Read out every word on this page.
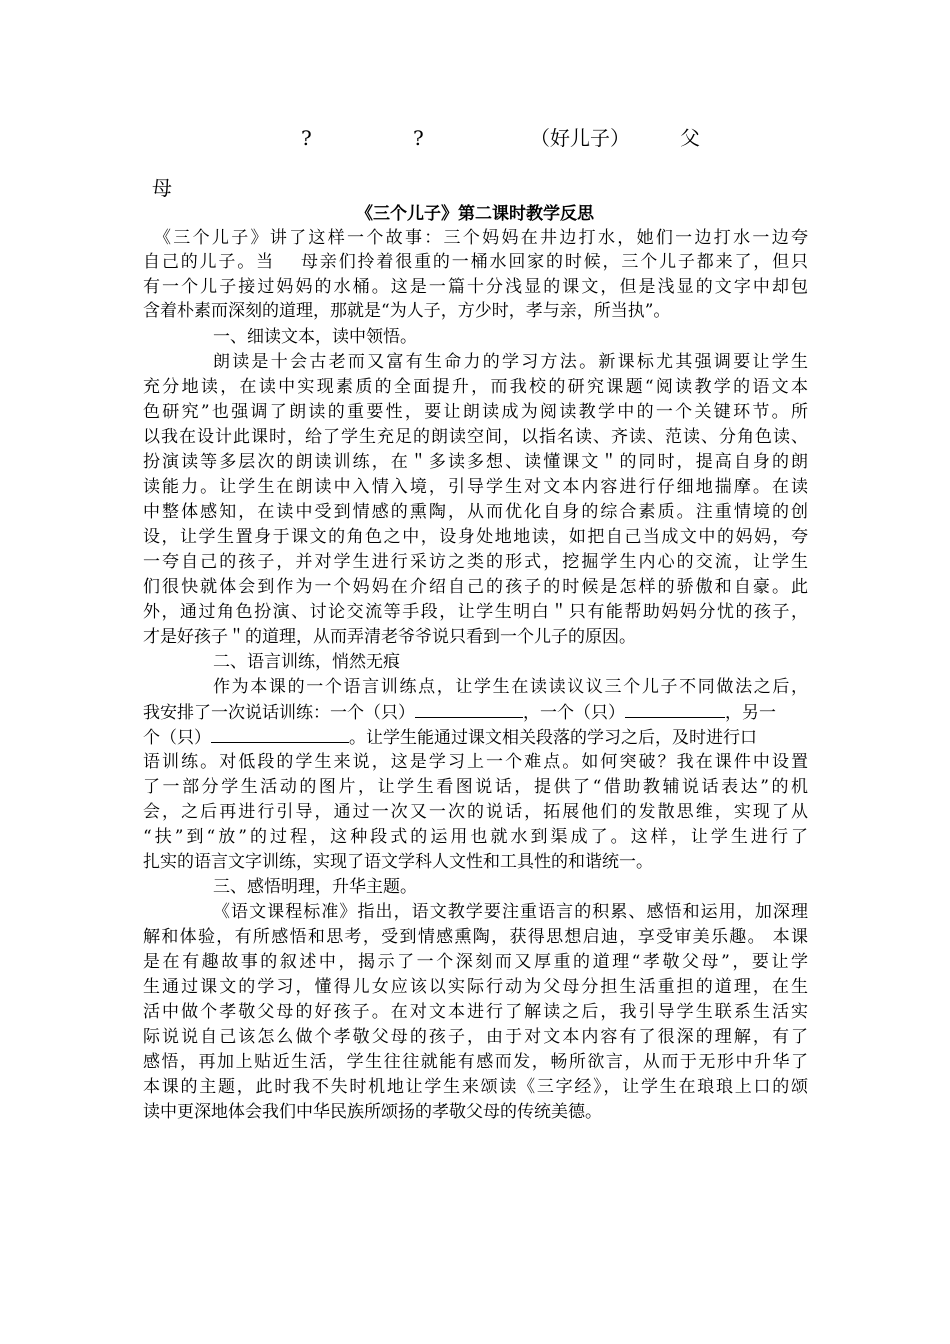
?	?	（好儿子）	父
母
《三个儿子》第二课时教学反思
《三个儿子》讲了这样一个故事：三个妈妈在井边打水，她们一边打水一边夸
自己的儿子。当　 母亲们拎着很重的一桶水回家的时候，三个儿子都来了，但只
有一个儿子接过妈妈的水桶。这是一篇十分浅显的课文，但是浅显的文字中却包
含着朴素而深刻的道理，那就是“为人子，方少时，孝与亲，所当执”。
一、细读文本，读中领悟。
朗读是十会古老而又富有生命力的学习方法。新课标尤其强调要让学生
充分地读，在读中实现素质的全面提升，而我校的研究课题“阅读教学的语文本
色研究”也强调了朗读的重要性，要让朗读成为阅读教学中的一个关键环节。所
以我在设计此课时，给了学生充足的朗读空间，以指名读、齐读、范读、分角色读、
扮演读等多层次的朗读训练，在＂多读多想、读懂课文＂的同时，提高自身的朗
读能力。让学生在朗读中入情入境，引导学生对文本内容进行仔细地揣摩。在读
中整体感知，在读中受到情感的熏陶，从而优化自身的综合素质。注重情境的创
设，让学生置身于课文的角色之中，设身处地地读，如把自己当成文中的妈妈，夸
一夸自己的孩子，并对学生进行采访之类的形式，挖掘学生内心的交流，让学生
们很快就体会到作为一个妈妈在介绍自己的孩子的时候是怎样的骄傲和自豪。此
外，通过角色扮演、讨论交流等手段，让学生明白＂只有能帮助妈妈分忧的孩子，
才是好孩子＂的道理，从而弄清老爷爷说只看到一个儿子的原因。
二、语言训练，悄然无痕
作为本课的一个语言训练点，让学生在读读议议三个儿子不同做法之后，
我安排了一次说话训练：一个（只）	，一个（只）	，另一
个（只）	。让学生能通过课文相关段落的学习之后，及时进行口
语训练。对低段的学生来说，这是学习上一个难点。如何突破？我在课件中设置
了一部分学生活动的图片，让学生看图说话，提供了“借助教辅说话表达”的机
会，之后再进行引导，通过一次又一次的说话，拓展他们的发散思维，实现了从
“扶”到“放”的过程，这种段式的运用也就水到渠成了。这样，让学生进行了
扎实的语言文字训练，实现了语文学科人文性和工具性的和谐统一。
三、感悟明理，升华主题。
《语文课程标准》指出，语文教学要注重语言的积累、感悟和运用，加深理
解和体验，有所感悟和思考，受到情感熏陶，获得思想启迪，享受审美乐趣。 本课
是在有趣故事的叙述中，揭示了一个深刻而又厚重的道理“孝敬父母”，要让学
生通过课文的学习，懂得儿女应该以实际行动为父母分担生活重担的道理，在生
活中做个孝敬父母的好孩子。在对文本进行了解读之后，我引导学生联系生活实
际说说自己该怎么做个孝敬父母的孩子，由于对文本内容有了很深的理解，有了
感悟，再加上贴近生活，学生往往就能有感而发，畅所欲言，从而于无形中升华了
本课的主题，此时我不失时机地让学生来颂读《三字经》，让学生在琅琅上口的颂
读中更深地体会我们中华民族所颂扬的孝敬父母的传统美德。
